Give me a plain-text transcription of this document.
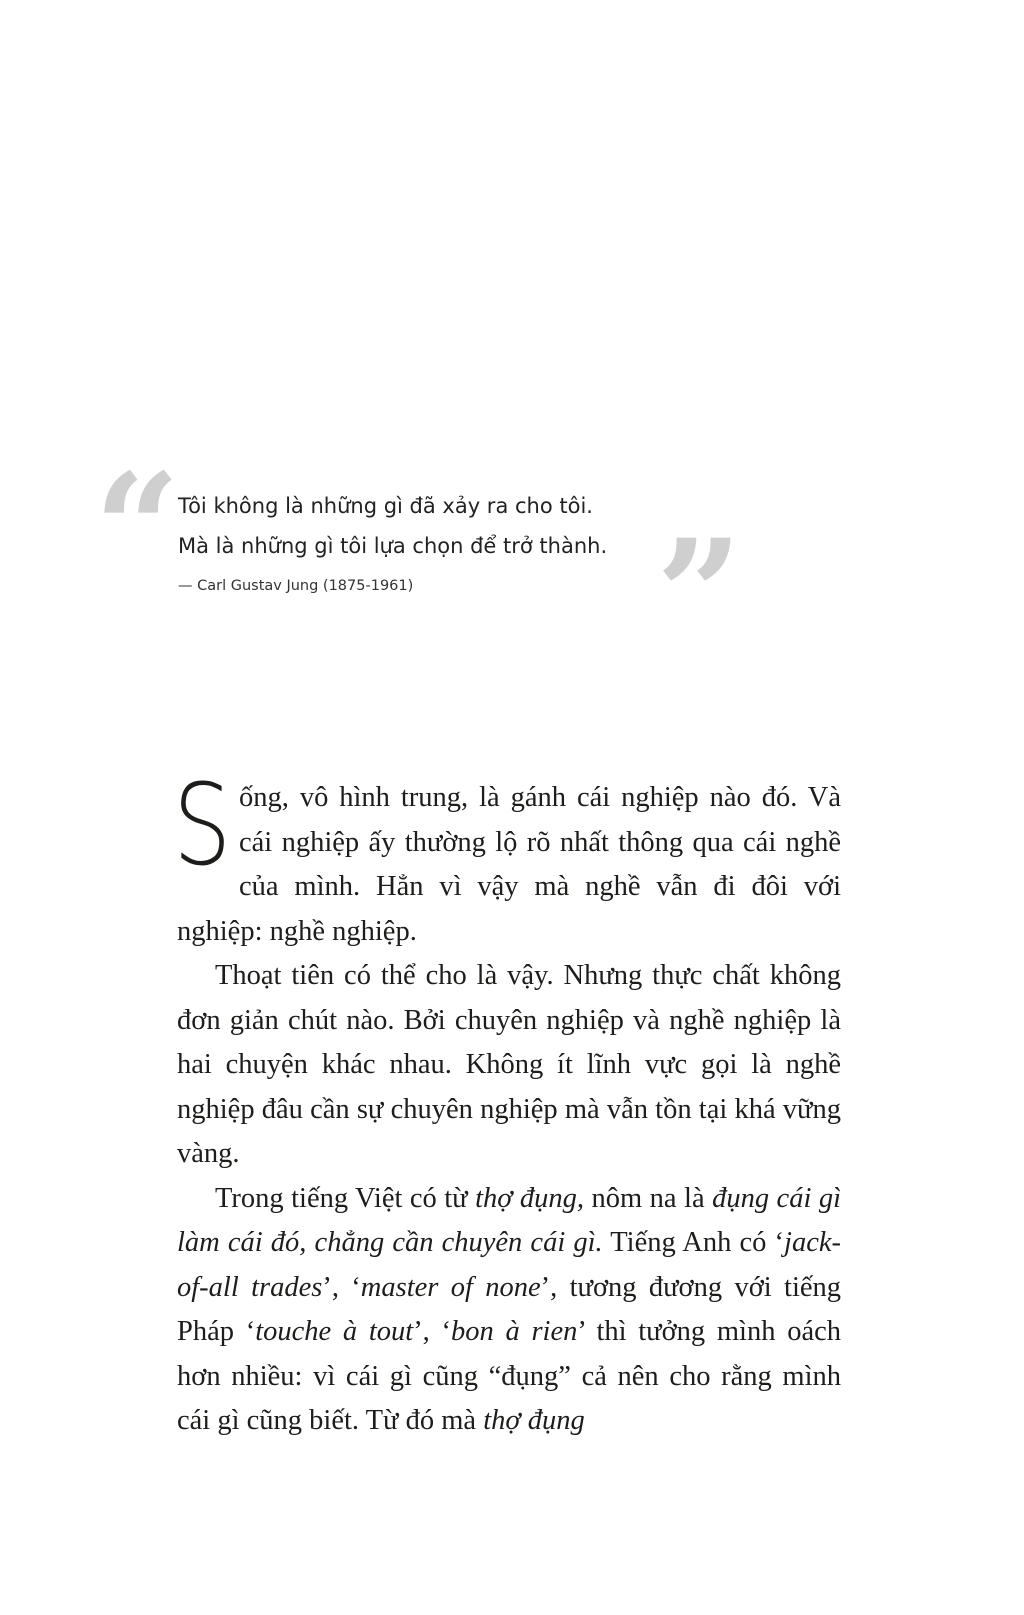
“
Tôi không là những gì đã xảy ra cho tôi.
Mà là những gì tôi lựa chọn để trở thành.
— Carl Gustav Jung (1875-1961) ”

Sống, vô hình trung, là gánh cái nghiệp nào đó. Và cái nghiệp ấy thường lộ rõ nhất thông qua cái nghề của mình. Hẳn vì vậy mà nghề vẫn đi đôi với nghiệp: nghề nghiệp.

Thoạt tiên có thể cho là vậy. Nhưng thực chất không đơn giản chút nào. Bởi chuyên nghiệp và nghề nghiệp là hai chuyện khác nhau. Không ít lĩnh vực gọi là nghề nghiệp đâu cần sự chuyên nghiệp mà vẫn tồn tại khá vững vàng.

Trong tiếng Việt có từ thợ đụng, nôm na là đụng cái gì làm cái đó, chẳng cần chuyên cái gì. Tiếng Anh có ‘jack-of-all trades’, ‘master of none’, tương đương với tiếng Pháp ‘touche à tout’, ‘bon à rien’ thì tưởng mình oách hơn nhiều: vì cái gì cũng “đụng” cả nên cho rằng mình cái gì cũng biết. Từ đó mà thợ đụng
